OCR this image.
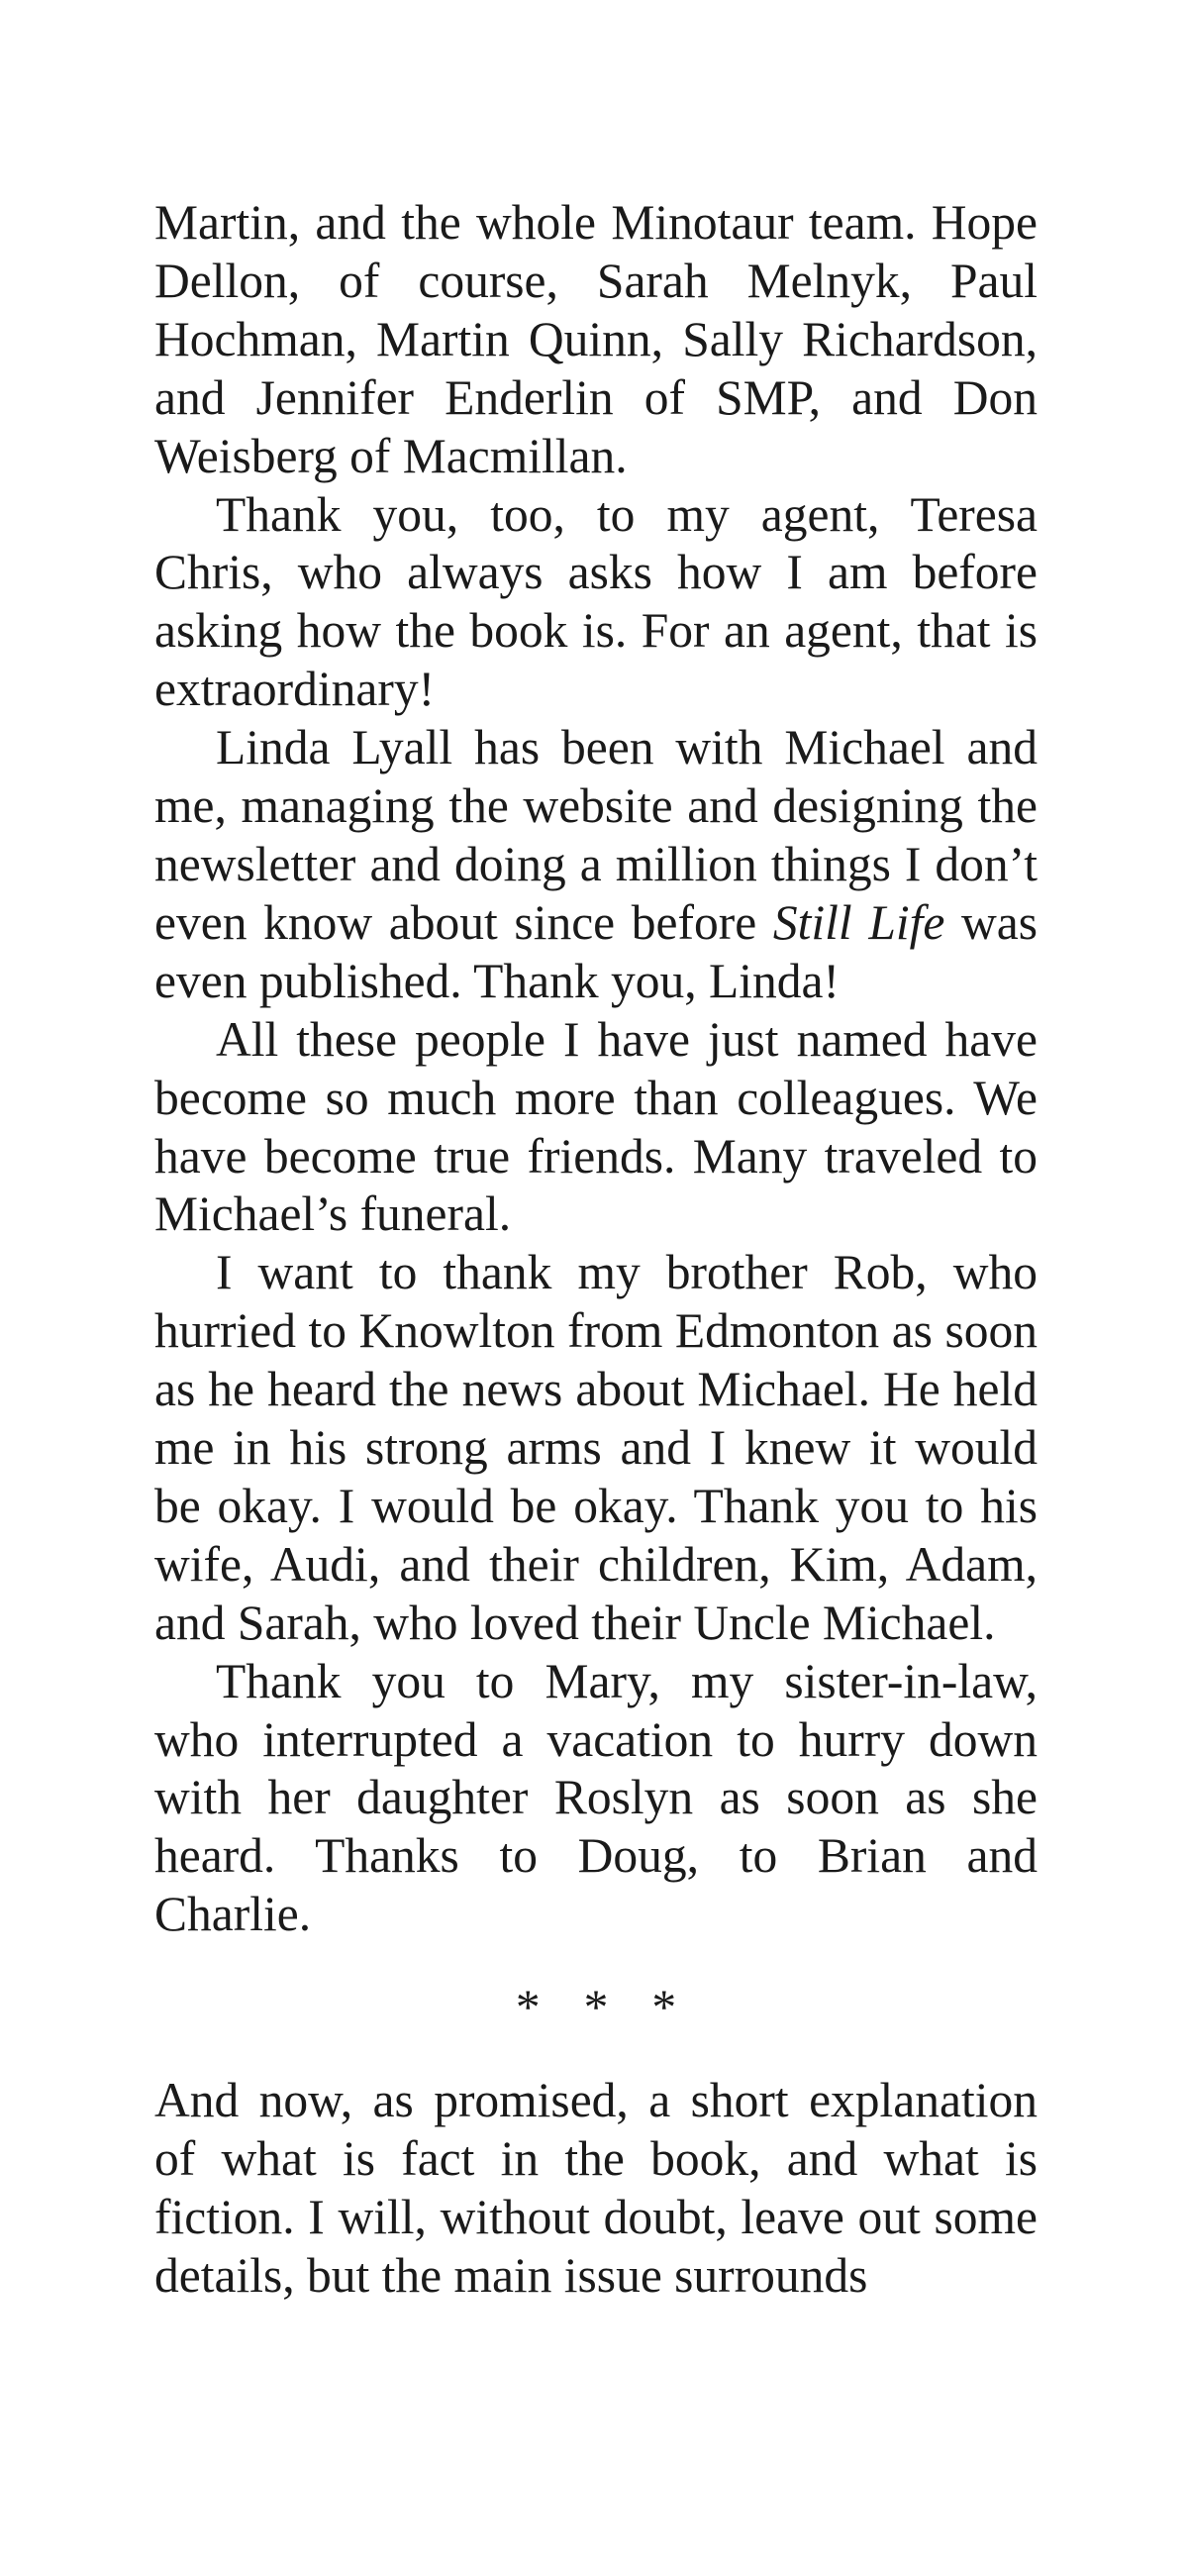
Martin, and the whole Minotaur team. Hope Dellon, of course, Sarah Melnyk, Paul Hochman, Martin Quinn, Sally Richardson, and Jennifer Enderlin of SMP, and Don Weisberg of Macmillan.

Thank you, too, to my agent, Teresa Chris, who always asks how I am before asking how the book is. For an agent, that is extraordinary!

Linda Lyall has been with Michael and me, managing the website and designing the newsletter and doing a million things I don’t even know about since before Still Life was even published. Thank you, Linda!

All these people I have just named have become so much more than colleagues. We have become true friends. Many traveled to Michael’s funeral.

I want to thank my brother Rob, who hurried to Knowlton from Edmonton as soon as he heard the news about Michael. He held me in his strong arms and I knew it would be okay. I would be okay. Thank you to his wife, Audi, and their children, Kim, Adam, and Sarah, who loved their Uncle Michael.

Thank you to Mary, my sister-in-law, who interrupted a vacation to hurry down with her daughter Roslyn as soon as she heard. Thanks to Doug, to Brian and Charlie.

* * *

And now, as promised, a short explanation of what is fact in the book, and what is fiction. I will, without doubt, leave out some details, but the main issue surrounds
